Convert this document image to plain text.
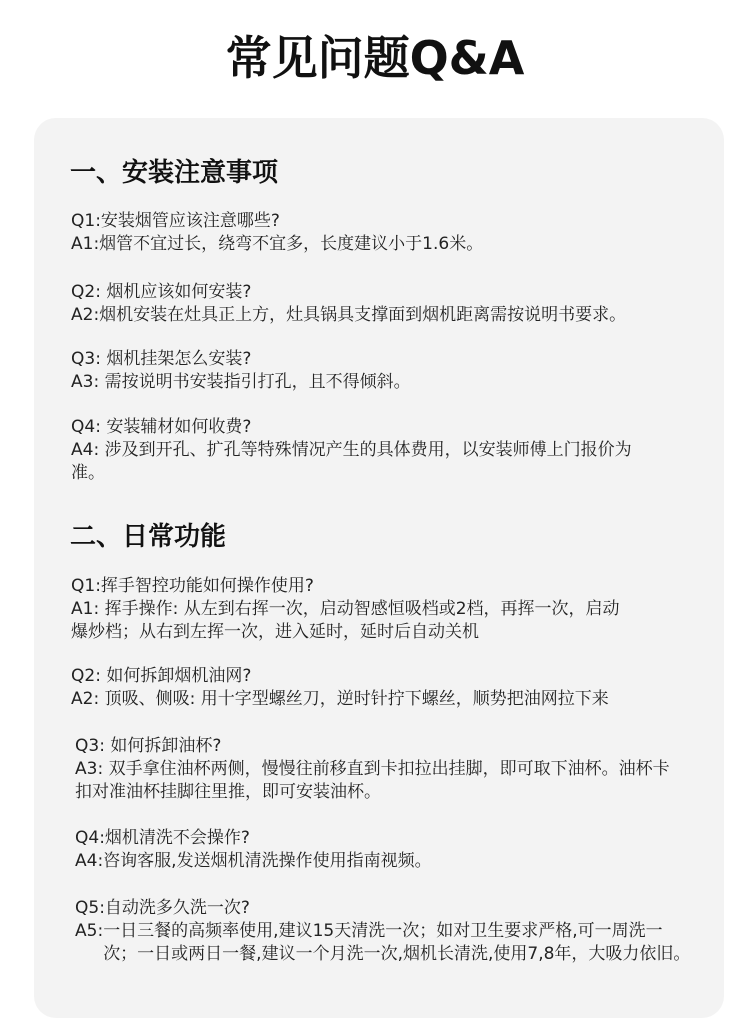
常见问题Q&A
一、安装注意事项
Q1:安装烟管应该注意哪些?
A1:烟管不宜过长，绕弯不宜多，长度建议小于1.6米。
Q2: 烟机应该如何安装?
A2:烟机安装在灶具正上方，灶具锅具支撑面到烟机距离需按说明书要求。
Q3: 烟机挂架怎么安装?
A3: 需按说明书安装指引打孔，且不得倾斜。
Q4: 安装辅材如何收费?
A4: 涉及到开孔、扩孔等特殊情况产生的具体费用，以安装师傅上门报价为准。
二、日常功能
Q1:挥手智控功能如何操作使用?
A1: 挥手操作: 从左到右挥一次，启动智感恒吸档或2档，再挥一次，启动爆炒档；从右到左挥一次，进入延时，延时后自动关机
Q2: 如何拆卸烟机油网?
A2: 顶吸、侧吸: 用十字型螺丝刀，逆时针拧下螺丝，顺势把油网拉下来
Q3: 如何拆卸油杯?
A3: 双手拿住油杯两侧，慢慢往前移直到卡扣拉出挂脚，即可取下油杯。油杯卡扣对准油杯挂脚往里推，即可安装油杯。
Q4:烟机清洗不会操作?
A4:咨询客服,发送烟机清洗操作使用指南视频。
Q5:自动洗多久洗一次?
A5: 一日三餐的高频率使用,建议15天清洗一次；如对卫生要求严格,可一周洗一次；一日或两日一餐,建议一个月洗一次,烟机长清洗,使用7,8年，大吸力依旧。
